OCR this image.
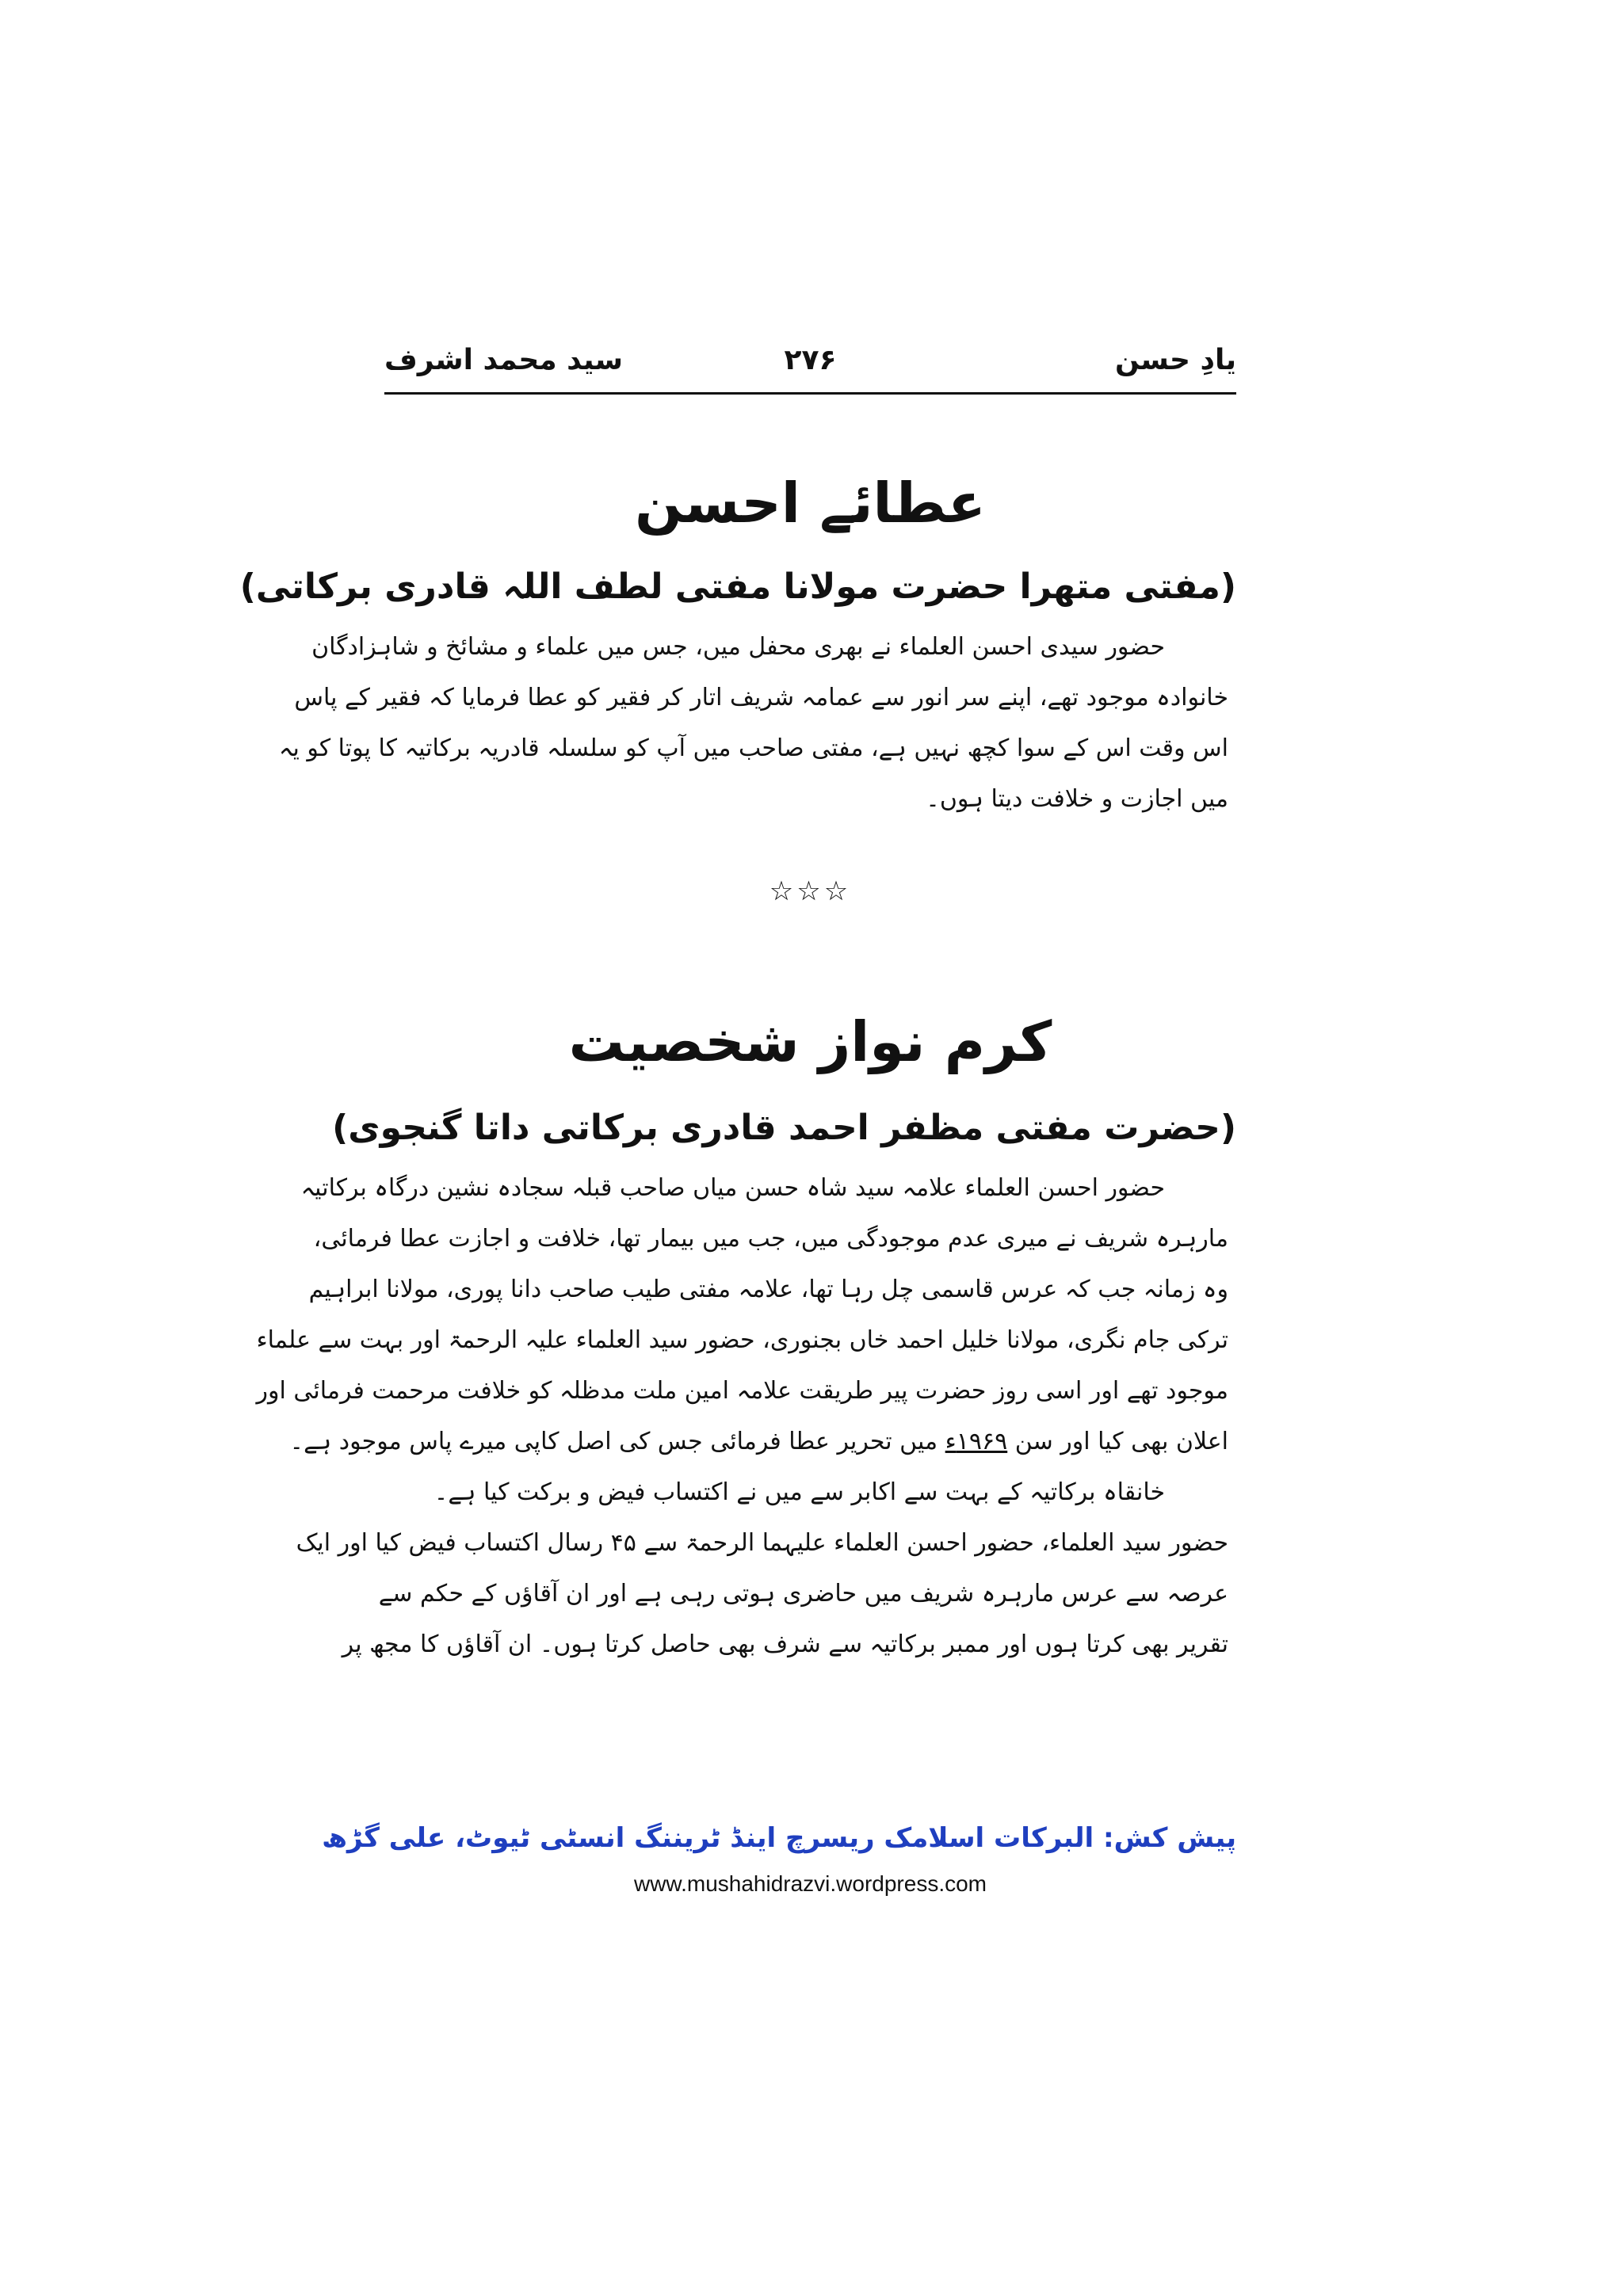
یادِ حسن
۲۷۶
سید محمد اشرف
عطائے احسن
(مفتی متھرا حضرت مولانا مفتی لطف اللہ قادری برکاتی)
حضور سیدی احسن العلماء نے بھری محفل میں، جس میں علماء و مشائخ و شاہزادگان
خانوادہ موجود تھے، اپنے سر انور سے عمامہ شریف اتار کر فقیر کو عطا فرمایا کہ فقیر کے پاس
اس وقت اس کے سوا کچھ نہیں ہے، مفتی صاحب میں آپ کو سلسلہ قادریہ برکاتیہ کا پوتا کو یہ
میں اجازت و خلافت دیتا ہوں۔
☆☆☆
کرم نواز شخصیت
(حضرت مفتی مظفر احمد قادری برکاتی داتا گنجوی)
حضور احسن العلماء علامہ سید شاہ حسن میاں صاحب قبلہ سجادہ نشین درگاہ برکاتیہ
مارہرہ شریف نے میری عدم موجودگی میں، جب میں بیمار تھا، خلافت و اجازت عطا فرمائی،
وہ زمانہ جب کہ عرس قاسمی چل رہا تھا، علامہ مفتی طیب صاحب دانا پوری، مولانا ابراہیم
ترکی جام نگری، مولانا خلیل احمد خاں بجنوری، حضور سید العلماء علیہ الرحمۃ اور بہت سے علماء
موجود تھے اور اسی روز حضرت پیر طریقت علامہ امین ملت مدظلہ کو خلافت مرحمت فرمائی اور
اعلان بھی کیا اور سن ۱۹۶۹ء میں تحریر عطا فرمائی جس کی اصل کاپی میرے پاس موجود ہے۔
خانقاہ برکاتیہ کے بہت سے اکابر سے میں نے اکتساب فیض و برکت کیا ہے۔
حضور سید العلماء، حضور احسن العلماء علیہما الرحمۃ سے ۴۵ رسال اکتساب فیض کیا اور ایک
عرصہ سے عرس مارہرہ شریف میں حاضری ہوتی رہی ہے اور ان آقاؤں کے حکم سے
تقریر بھی کرتا ہوں اور ممبر برکاتیہ سے شرف بھی حاصل کرتا ہوں۔ ان آقاؤں کا مجھ پر
پیش کش: البرکات اسلامک ریسرچ اینڈ ٹریننگ انسٹی ٹیوٹ، علی گڑھ
www.mushahidrazvi.wordpress.com
